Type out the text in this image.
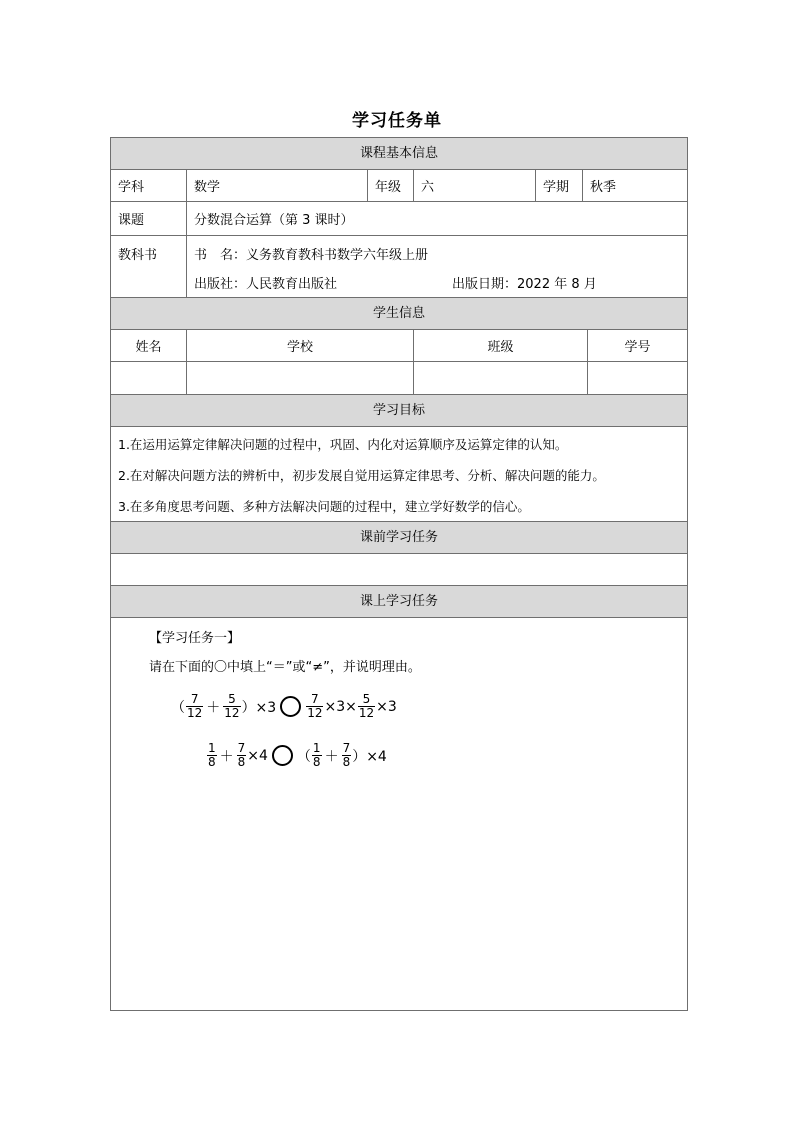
学习任务单
课程基本信息
学科	数学	年级	六	学期	秋季
课题	分数混合运算（第 3 课时）
教科书	书　名：义务教育教科书数学六年级上册
出版社：人民教育出版社	出版日期：2022 年 8 月
学生信息
姓名	学校	班级	学号
学习目标
1.在运用运算定律解决问题的过程中，巩固、内化对运算顺序及运算定律的认知。
2.在对解决问题方法的辨析中，初步发展自觉用运算定律思考、分析、解决问题的能力。
3.在多角度思考问题、多种方法解决问题的过程中，建立学好数学的信心。
课前学习任务
课上学习任务
【学习任务一】
请在下面的〇中填上“＝”或“≠”，并说明理由。
（ $\frac{7}{12} + \frac{5}{12} )\times 3$	$\frac{7}{12} \times 3\times \frac{5}{12} \times 3$
$\frac{1}{8} + \frac{7}{8} \times 4$ （ $\frac{1}{8} + \frac{7}{8} )\times 4$
